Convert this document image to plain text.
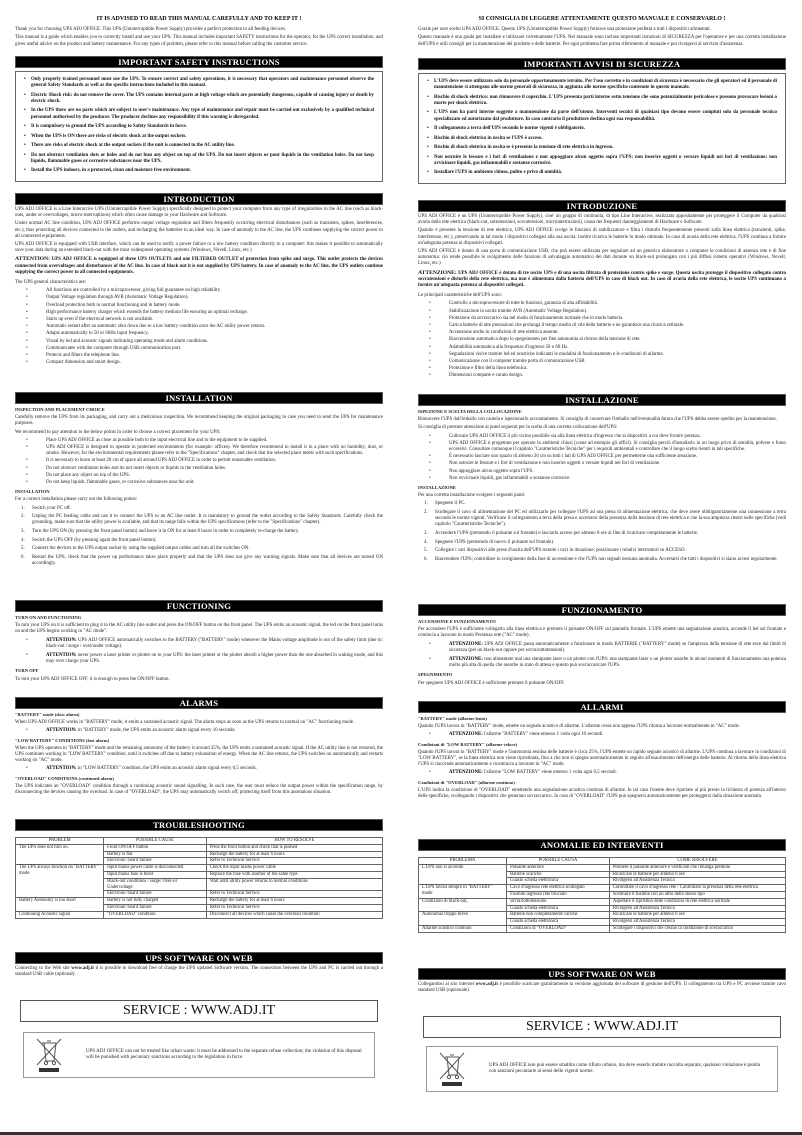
IT IS ADVISED TO READ THIS MANUAL CAREFULLY AND TO KEEP IT !
Thank you for choosing UPS ADJ OFFICE. This UPS (Uninterruptible Power Supply) provides a perfect protection to all feeding devices.
This manual is a guide which enables you to correctly install and use your UPS. This manual includes important SAFETY instructions for the operator, for the UPS correct installation, and gives useful advice on the product and battery maintenance. For any types of problem, please refer to this manual before calling the customer service.
IMPORTANT SAFETY INSTRUCTIONS
• Only properly trained personnel must use the UPS. To ensure correct and safety operations, it is necessary that operators and maintenance personnel observe the general Safety Standards as well as the specific instructions included in this manual.
• Electric Shock risk: do not remove the cover. The UPS contains internal parts at high voltage which are potentially dangerous, capable of causing injury or death by electric shock.
• In the UPS there are no parts which are subject to user's maintenance. Any type of maintenance and repair must be carried out exclusively by a qualified technical personnel authorised by the producer. The producer declines any responsibility if this warning is disregarded.
• It is compulsory to ground the UPS according to Safety Standards in force.
• When the UPS is ON there are risks of electric shock at the output sockets.
• There are risks of electric shock at the output sockets if the unit is connected to the AC utility line.
• Do not obstruct ventilation slots or holes and do not lean any object on top of the UPS. Do not insert objects or pour liquids in the ventilation holes. Do not keep liquids, flammable gases or corrosive substances near the UPS.
• Install the UPS indoors, in a protected, clean and moisture free environment.
INTRODUCTION
UPS ADJ OFFICE is a Line Interactive UPS (Uninterruptible Power Supply) specifically designed to protect your computer from any type of irregularities in the AC line (such as black-outs, under or overvoltages, micro-interruptions) which often cause damage to your Hardware and Software.
Under normal AC line condition, UPS ADJ OFFICE performs output voltage regulation and filters frequently occurring electrical disturbances (such as transients, spikes, interferences, etc.), thus protecting all devices connected to the outlets, and recharging the batteries in an ideal way. In case of anomaly to the AC line, the UPS continues supplying the correct power to all connected equipments.
UPS ADJ OFFICE is equipped with USB interface, which can be used to notify a power failure or a low battery condition directly to a computer: this makes it possible to automatically save your data during an extended black-out with the most widespread operating systems (Windows, Novell, Linux, etc.)
ATTENTION: UPS ADJ OFFICE is equipped of three UPS OUTLETS and one FILTERED OUTLET of protection from spike and surge. This outlet protects the devices connected from overvoltages and disturbances of the AC line. In case of black out it is not supplied by UPS battery. In case of anomaly to the AC line, the UPS outlets continue supplying the correct power to all connected equipments.
The UPS general characteristics are:
• All functions are controlled by a microprocessor, giving full guarantee on high reliability.
• Output Voltage regulation through AVR (Automatic Voltage Regulation).
• Overload protection both in normal functioning and in battery mode.
• High performance battery charger which extends the battery medium life ensuring an optimal recharge.
• Starts up even if the electrical network is not available.
• Automatic restart after an automatic shut down due to a low battery condition once the AC utility power returns.
• Adapts automatically to 50 or 60Hz input frequency.
• Visual by led and acoustic signals indicating operating mode and alarm conditions.
• Communicates with the computer through USB communication port.
• Protects and filters the telephone line.
• Compact dimension and smart design.
INSTALLATION
INSPECTION AND PLACEMENT CHOICE
Carefully remove the UPS from its packaging, and carry out a meticulous inspection. We recommend keeping the original packaging in case you need to send the UPS for maintenance purposes.
We recommend to pay attention to the below points in order to choose a correct placement for your UPS:
• Place UPS ADJ OFFICE as close as possible both to the input electrical line and to the equipment to be supplied.
• UPS ADJ OFFICE is designed to operate in protected environments (for example: offices). We therefore recommend to install it in a place with no humidity, dust, or smoke. However, for the environmental requirements please refer to the "Specifications" chapter, and check that the selected place meets with such specifications.
• It is necessary to leave at least 20 cm of space all around UPS ADJ OFFICE in order to permit reasonable ventilation.
• Do not obstruct ventilation holes and do not insert objects or liquids in the ventilation holes.
• Do not place any object on top of the UPS.
• Do not keep liquids, flammable gases, or corrosive substances near the unit.
INSTALLATION
For a correct installation please carry out the following points:
1. Switch your PC off.
2. Unplug the PC feeding cable and use it to connect the UPS to an AC line outlet. It is mandatory to ground the outlet according to the Safety Standards. Carefully check the grounding, make sure that the utility power is available, and that its range falls within the UPS specifications (refer to the "Specifications" chapter).
3. Turn the UPS ON (by pressing the front panel button) and leave it in ON for at least 8 hours in order to completely re-charge the battery.
4. Switch the UPS OFF (by pressing again the front panel button).
5. Connect the devices to the UPS output socket by using the supplied output cables and turn all the switches ON.
6. Restart the UPS, check that the power up performance takes place properly and that the UPS does not give any warning signals. Make sure that all devices are turned ON accordingly.
FUNCTIONING
TURN ON AND FUNCTIONING
To turn your UPS on it is sufficient to plug it to the AC utility line outlet and press the ON/OFF button on the front panel. The UPS emits an acoustic signal, the led on the front panel turns on and the UPS begins working in "AC mode".
• ATTENTION: UPS ADJ OFFICE automatically switches to the BATTERY ("BATTERY" mode) whenever the Mains voltage amplitude is out of the safety limit (due to: black-out / surge / over/under voltage).
• ATTENTION: never power a laser printer or plotter on to your UPS: the laser printer or the plotter absorb a higher power than the one absorbed in waiting mode, and this may over charge your UPS.
TURN OFF
To turn your UPS ADJ OFFICE OFF, it is enough to press the ON/OFF button.
ALARMS
"BATTERY" mode (slow alarm)
When UPS ADJ OFFICE works in "BATTERY" mode, it emits a sustained acoustic signal. The alarm stops as soon as the UPS returns to normal on "AC" functioning mode.
• ATTENTION: in "BATTERY" mode, the UPS emits an acoustic alarm signal every 10 seconds.
"LOW BATTERY" CONDITIONS (fast alarm)
When the UPS operates in "BATTERY" mode and the remaining autonomy of the battery is around 25%, the UPS emits a sustained acoustic signal. If the AC utility line is not restored, the UPS continues working in "LOW BATTERY" condition, until it switches off due to battery exhaustion of energy. When the AC line returns, the UPS switches on automatically and restarts working on "AC" mode.
• ATTENTION: in "LOW BATTERY" condition, the UPS emits an acoustic alarm signal every 0,5 seconds.
"OVERLOAD" CONDITIONS (continued alarm)
The UPS indicates an "OVERLOAD" condition through a continuing acoustic sound signalling. In such case, the user must reduce the output power within the specification range, by disconnecting the devices causing the overload. In case of "OVERLOAD", the UPS may automatically switch off, protecting itself from this anomalous situation.
TROUBLESHOOTING
PROBLEM	POSSIBLE CAUSE	HOW TO RESOLVE
The UPS does not turn on.	Front ON/OFF button	Press the front button and check that is pushed
	Battery is flat	Recharge the battery for at least 6 hours
	Electronic board failure	Refer to Technical Service
The UPS always function on "BATTERY" mode	Input mains power cable is disconnected	Check the input mains power cable
	Input mains fuse is burst	Replace the fuse with another of the same type
	Black-out conditions / surge/ Over-or Undervoltage	Wait until utility power returns to normal conditions
	Electronic board failure	Refer to Technical Service
Battery Autonomy is too short	Battery is not fully charged	Recharge the battery for at least 6 hours
	Electronic board failure	Refer to Technical Service
Continuing Acoustic signal	"OVERLDAD" condition	Disconnect all devices which cause the overload condition
UPS SOFTWARE ON WEB
Connecting to the Web site www.adj.it it is possible to download free of charge the UPS updated Software version. The connection between the UPS and PC is carried out through a standard USB cable (optional).
SERVICE : WWW.ADJ.IT
UPS ADJ OFFICE can not be treated like urban waste; it must be addressed to the separate refuse collection; the violation of this disposal will be punished with pecuniary sanctions according to the legislation in force.
SI CONSIGLIA DI LEGGERE ATTENTAMENTE QUESTO MANUALE E CONSERVARLO !
Grazie per aver scelto UPS ADJ OFFICE. Questo UPS (Uninterruptible Power Supply) fornisce una protezione perfetta a tutti i dispositivi alimentati.
Questo manuale è una guida per installare e utilizzare correttamente l'UPS. Nel manuale sono incluse importanti istruzioni di SICUREZZA per l'operatore e per una corretta installazione dell'UPS e utili consigli per la manutenzione del prodotto e delle batterie. Per ogni problema fare prima riferimento al manuale e poi rivolgersi al servizio d'assistenza.
IMPORTANTI AVVISI DI SICUREZZA
• L'UPS deve essere utilizzato solo da personale opportunamente istruito. Per l'uso corretto e in condizioni di sicurezza è necessario che gli operatori ed il personale di manutenzione si attengano alle norme generali di sicurezza, in aggiunta alle norme specifiche contenute in questo manuale.
• Rischio di shock elettrico: non rimuovere il coperchio. L'UPS presenta parti interne sotto tensione che sono potenzialmente pericolose e possono provocare lesioni o morte per shock elettrico.
• L'UPS non ha parti interne soggette a manutenzione da parte dell'utente. Interventi tecnici di qualsiasi tipo devono essere compiuti solo da personale tecnico specializzato ed autorizzato dal produttore. In caso contrario il produttore declina ogni sua responsabilità.
• Il collegamento a terra dell'UPS secondo le norme vigenti è obbligatorio.
• Rischio di shock elettrico in uscita se l'UPS è acceso.
• Rischio di shock elettrico in uscita se è presente la tensione di rete elettrica in ingresso.
• Non ostruire le fessure e i fori di ventilazione e non appoggiare alcun oggetto sopra l'UPS; non inserire oggetti o versare liquidi nei fori di ventilazione; non avvicinare liquidi, gas infiammabili e sostanze corrosive.
• Installare l'UPS in ambiente chiuso, pulito e privo di umidità.
INTRODUZIONE
UPS ADJ OFFICE è un UPS (Uninterruptible Power Supply), cioe' un gruppo di continuità, di tipo Line Interactive, realizzato appositamente per proteggere il Computer da qualsiasi avaria della rete elettrica (black-out, sottotensioni, sovratensioni, microinterruzioni), causa dei frequenti danneggiamenti di Hardware e Software.
Quando è presente la tensione di rete elettrica, UPS ADJ OFFICE svolge le funzioni di stabilizzatore e filtra i disturbi frequentemente presenti sulla linea elettrica (transienti, spike, interferenze, etc.), preservando in tal modo i dispositivi collegati alla sua uscita; inoltre ricarica le batterie in modo ottimale. In caso di avaria della rete elettrica, l'UPS continua a fornire un'adeguata potenza ai dispositivi collegati.
UPS ADJ OFFICE è dotato di una porta di comunicazione USB, che può essere utilizzata per segnalare ad un generico elaboratore o computer le condizioni di assenza rete e di fine autonomia: ciò rende possibile lo svolgimento delle funzioni di salvataggio automatico dei dati durante un black-out prolungato con i più diffusi sistemi operativi (Windows, Novell, Linux, etc.)
ATTENZIONE: UPS ADJ OFFICE è dotato di tre uscite UPS e di una uscita filtrata di protezione contro spike e surge. Questa uscita protegge il dispositivo collegato contro sovratensioni e disturbi della rete elettrica, ma non è alimentata dalla batteria dell'UPS in caso di black out. In caso di avaria della rete elettrica, le uscite UPS continuano a fornire un'adeguata potenza ai dispositivi collegati.
Le principali caratteristiche dell'UPS sono:
• Controllo a microprocessore di tutte le funzioni, garanzia di alta affidabilità.
• Stabilizzazione in uscita tramite AVR (Automatic Voltage Regulation).
• Protezione da sovraccarico sia nel modo di funzionamento normale che in modo batteria.
• Carica batterie di alte prestazioni che prolunga il tempo medio di vita delle batterie e ne garantisce una ricarica ottimale.
• Accensione anche in condizioni di rete elettrica assente.
• Riaccensione automatica dopo lo spegnimento per fine autonomia al ritorno della tensione di rete.
• Adattabilità automatica alla frequenza d'ingresso 50 o 60 Hz.
• Segnalazioni visive tramite led ed acustiche indicanti le modalità di funzionamento e le condizioni di allarme.
• Comunicazione con il computer tramite porta di comunicazione USB
• Protezione e filtro della linea telefonica.
• Dimensioni compatte e curato design.
INSTALLAZIONE
ISPEZIONE E SCELTA DELLA COLLOCAZIONE
Rimuovere l'UPS dall'imballo con cautela e ispezionarlo accuratamente. Si consiglia di conservare l'imballo nell'eventualità futura che l'UPS debba essere spedito per la manutenzione.
Si consiglia di prestare attenzione ai punti seguenti per la scelta di una corretta collocazione dell'UPS:
• Collocare UPS ADJ OFFICE il più vicino possibile sia alla linea elettrica d'ingresso che ai dispositivi a cui deve fornire potenza.
• UPS ADJ OFFICE è progettato per operare in ambienti chiusi (come ad esempio gli uffici). Si consiglia perciò d'installarlo in un luogo privo di umidità, polvere e fumo eccessivi. Consultare comunque il capitolo "Caratteristiche Tecniche" per i requisiti ambientali e controllare che il luogo scelto rientri in tali specifiche.
• È necessario lasciare uno spazio di almeno 20 cm su tutti i lati di UPS ADJ OFFICE per permetterne una sufficiente areazione.
• Non ostruire le fessure e i fori di ventilazione e non inserire oggetti o versare liquidi nei fori di ventilazione.
• Non appoggiare alcun oggetto sopra l'UPS.
• Non avvicinare liquidi, gas infiammabili o sostanze corrosive.
INSTALLAZIONE
Per una corretta installazione svolgere i seguenti punti:
1. Spegnere il PC.
2. Scollegare il cavo di alimentazione del PC ed utilizzarlo per collegare l'UPS ad una presa di alimentazione elettrica, che deve avere obbligatoriamente una connessione a terra secondo le norme vigenti. Verificare il collegamento a terra della presa e accertarsi della presenza della tensione di rete elettrica e che la sua ampiezza rientri nelle specifiche (vedi capitolo "Caratteristiche Tecniche").
3. Accendere l'UPS (premendo il pulsante sul frontale) e lasciarlo acceso per almeno 8 ore al fine di ricaricare completamente le batterie.
4. Spegnere l'UPS (premendo di nuovo il pulsante sul frontale).
5. Collegare i vari dispositivi alle prese d'uscita dell'UPS tramite i cavi in dotazione; posizionare i relativi interruttori su ACCESO.
6. Riaccendere l'UPS; controllare lo svolgimento della fase di accensione e che l'UPS non segnali nessuna anomalia. Accertarsi che tutti i dispositivi si siano accesi regolarmente.
FUNZIONAMENTO
ACCENSIONE E FUNZIONAMENTO
Per accendere l'UPS è sufficiente collegarlo alla linea elettrica e premere il pulsante ON/OFF sul pannello frontale. L'UPS emette una segnalazione acustica, accende il led sul frontale e comincia a lavorare in modo Presenza rete ("AC" mode).
• ATTENZIONE: UPS ADJ OFFICE passa automaticamente a funzionare in modo BATTERIE ("BATTERY" mode) se l'ampiezza della tensione di rete esce dai limiti di sicurezza (per un black-out oppure per sovra/sottotensioni).
• ATTENZIONE: non alimentare mai una stampante laser o un plotter con l'UPS: una stampante laser o un plotter assorbe in alcuni momenti di funzionamento una potenza molto più alta di quella che assorbe in stato di attesa e questo può sovraccaricare l'UPS.
SPEGNIMENTO
Per spegnere UPS ADJ OFFICE è sufficiente premere il pulsante ON/OFF.
ALLARMI
"BATTERY" mode (allarme lento)
Quando l'UPS lavora in "BATTERY" mode, emette un segnale acustico di allarme. L'allarme cessa non appena l'UPS ritorna a lavorare normalmente in "AC" mode.
• ATTENZIONE: l'allarme "BATTERY" viene emesso 1 volta ogni 10 secondi.
Condizioni di "LOW BATTERY" (allarme veloce)
Quando l'UPS lavora in "BATTERY" mode e l'autonomia residua delle batterie è circa 25%, l'UPS emette un rapido segnale acustico di allarme. L'UPS continua a lavorare in condizioni di "LOW BATTERY", se la linea elettrica non viene ripristinata, fino a che non si spegne automaticamente in seguito all'esaurimento dell'energia delle batterie. Al ritorno della linea elettrica l'UPS si riaccende automaticamente e ricomincia a lavorare in "AC" mode.
• ATTENZIONE: l'allarme "LOW BATTERY" viene emesso 1 volta ogni 0,5 secondi.
Condizioni di "OVERLOAD" (allarme continuo)
L'UPS indica la condizione di "OVERLOAD" emettendo una segnalazione acustica continua di allarme. In tal caso l'utente deve riportare al più presto la richiesta di potenza all'interno delle specifiche, scollegando i dispositivi che generano sovraccarico. In caso di "OVERLOAD" l'UPS può spegnersi automaticamente per proteggersi dalla situazione anomala.
ANOMALIE ED INTERVENTI
PROBLEMA	POSSIBLE CAUSA	COME RISOLVERE
L'UPS non si accende.	Pulsante anteriore	Premere il pulsante anteriore e verificare che rimanga premuto
	Batterie scariche	Ricaricare le batterie per almeno 6 ore
	Guasto scheda elettronica	Rivolgersi all'Assistenza Tecnica
L'UPS lavora sempre in "BATTERY" mode	Cavo d'ingresso rete elettrica scollegato	Controllare il cavo d'ingresso rete / Controllare la presenza della rete elettrica
	Fusibile ingresso rete bruciato	Sostituire il fusibile con un altro dello stesso tipo
Condizioni di black-out,	sovra/sottotensione.	Aspettare il ripristino delle condizioni di rete elettrica normale
	Guasto scheda elettronica	Rivolgersi all'Assistenza Tecnica
Autonomia troppo breve	Batterie non completamente cariche	Ricaricare le batterie per almeno 6 ore
	Guasto scheda elettronica	Rivolgersi all'Assistenza Tecnica
Allarme acustico continuo	Condizioni di "OVERLOAD"	Scollegare i dispositivi che creano la condizione di sovraccarico
UPS SOFTWARE ON WEB
Collegandosi al sito internet www.adj.it è possibile scaricare gratuitamente la versione aggiornata del software di gestione dell'UPS. Il collegamento tra UPS e PC avviene tramite cavo standard USB (opzionale).
SERVICE : WWW.ADJ.IT
UPS ADJ OFFICE non può essere smaltito come rifiuto urbano, ma deve esserlo tramite raccolta separata; qualsiasi violazione è punita con sanzioni pecuniarie ai sensi delle vigenti norme.
